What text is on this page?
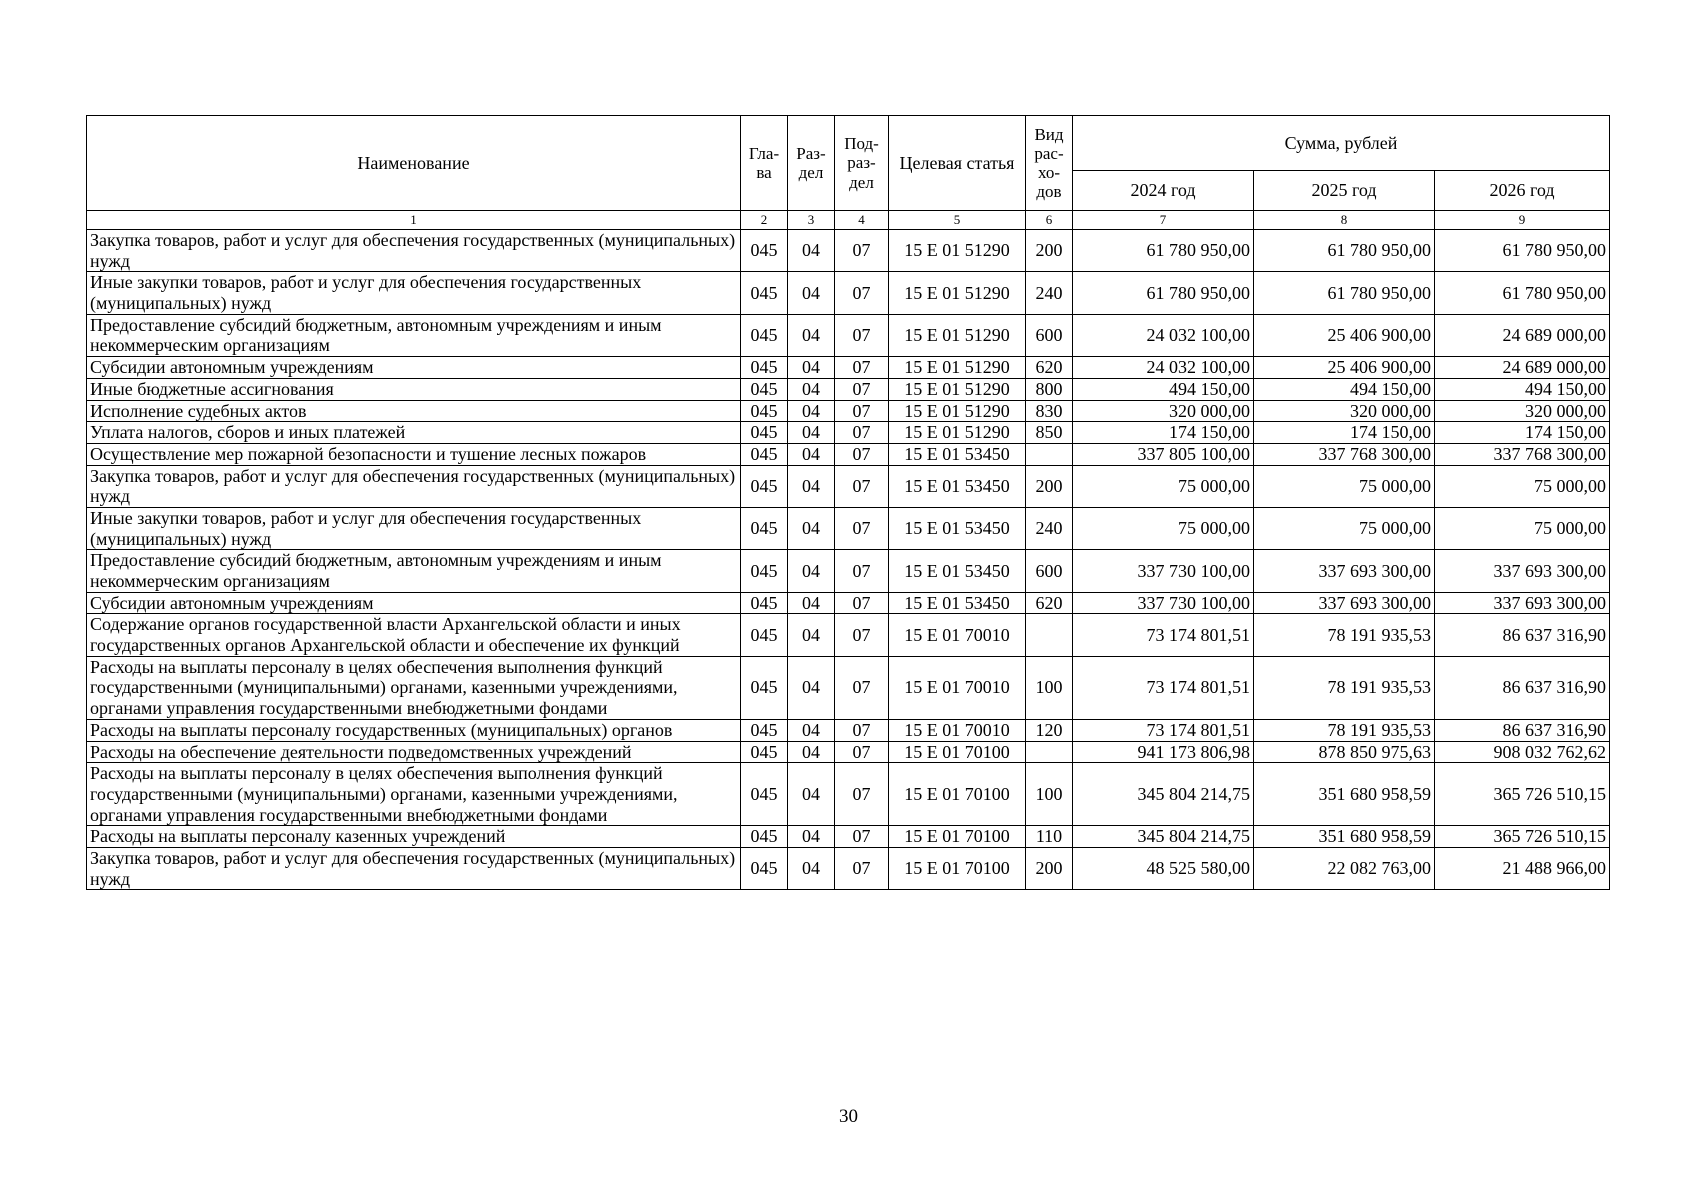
Наименование	Гла-ва	Раз-дел	Под-раз-дел	Целевая статья	Вид рас-хо-дов	Сумма, рублей		
						2024 год	2025 год	2026 год
1	2	3	4	5	6	7	8	9
Закупка товаров, работ и услуг для обеспечения государственных (муниципальных) нужд	045	04	07	15 Е 01 51290	200	61 780 950,00	61 780 950,00	61 780 950,00
Иные закупки товаров, работ и услуг для обеспечения государственных (муниципальных) нужд	045	04	07	15 Е 01 51290	240	61 780 950,00	61 780 950,00	61 780 950,00
Предоставление субсидий бюджетным, автономным учреждениям и иным некоммерческим организациям	045	04	07	15 Е 01 51290	600	24 032 100,00	25 406 900,00	24 689 000,00
Субсидии автономным учреждениям	045	04	07	15 Е 01 51290	620	24 032 100,00	25 406 900,00	24 689 000,00
Иные бюджетные ассигнования	045	04	07	15 Е 01 51290	800	494 150,00	494 150,00	494 150,00
Исполнение судебных актов	045	04	07	15 Е 01 51290	830	320 000,00	320 000,00	320 000,00
Уплата налогов, сборов и иных платежей	045	04	07	15 Е 01 51290	850	174 150,00	174 150,00	174 150,00
Осуществление мер пожарной безопасности и тушение лесных пожаров	045	04	07	15 Е 01 53450		337 805 100,00	337 768 300,00	337 768 300,00
Закупка товаров, работ и услуг для обеспечения государственных (муниципальных) нужд	045	04	07	15 Е 01 53450	200	75 000,00	75 000,00	75 000,00
Иные закупки товаров, работ и услуг для обеспечения государственных (муниципальных) нужд	045	04	07	15 Е 01 53450	240	75 000,00	75 000,00	75 000,00
Предоставление субсидий бюджетным, автономным учреждениям и иным некоммерческим организациям	045	04	07	15 Е 01 53450	600	337 730 100,00	337 693 300,00	337 693 300,00
Субсидии автономным учреждениям	045	04	07	15 Е 01 53450	620	337 730 100,00	337 693 300,00	337 693 300,00
Содержание органов государственной власти Архангельской области и иных государственных органов Архангельской области и обеспечение их функций	045	04	07	15 Е 01 70010		73 174 801,51	78 191 935,53	86 637 316,90
Расходы на выплаты персоналу в целях обеспечения выполнения функций государственными (муниципальными) органами, казенными учреждениями, органами управления государственными внебюджетными фондами	045	04	07	15 Е 01 70010	100	73 174 801,51	78 191 935,53	86 637 316,90
Расходы на выплаты персоналу государственных (муниципальных) органов	045	04	07	15 Е 01 70010	120	73 174 801,51	78 191 935,53	86 637 316,90
Расходы на обеспечение деятельности подведомственных учреждений	045	04	07	15 Е 01 70100		941 173 806,98	878 850 975,63	908 032 762,62
Расходы на выплаты персоналу в целях обеспечения выполнения функций государственными (муниципальными) органами, казенными учреждениями, органами управления государственными внебюджетными фондами	045	04	07	15 Е 01 70100	100	345 804 214,75	351 680 958,59	365 726 510,15
Расходы на выплаты персоналу казенных учреждений	045	04	07	15 Е 01 70100	110	345 804 214,75	351 680 958,59	365 726 510,15
Закупка товаров, работ и услуг для обеспечения государственных (муниципальных) нужд	045	04	07	15 Е 01 70100	200	48 525 580,00	22 082 763,00	21 488 966,00
30
